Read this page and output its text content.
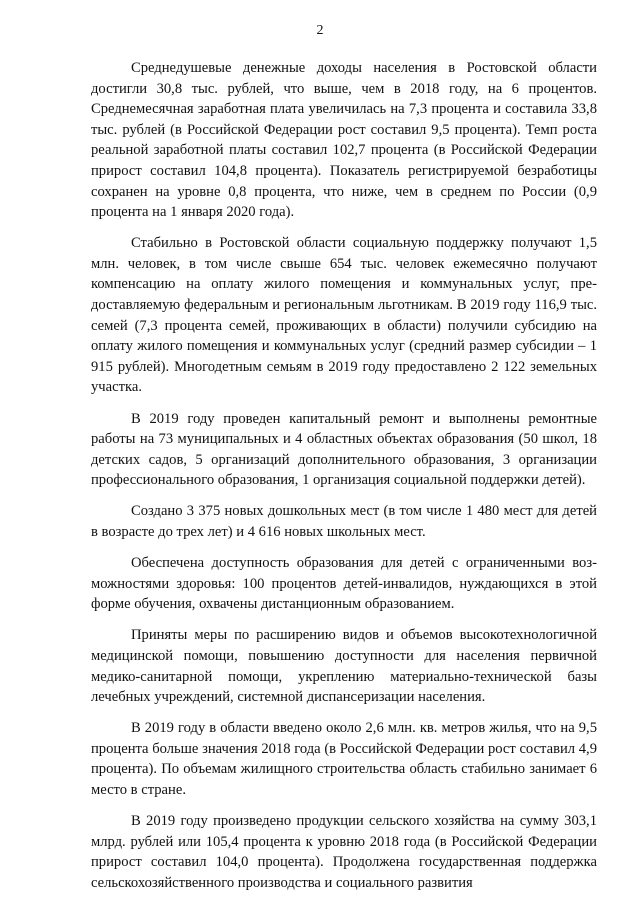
2

Среднедушевые денежные доходы населения в Ростовской области достигли 30,8 тыс. рублей, что выше, чем в 2018 году, на 6 процентов. Среднемесячная заработная плата увеличилась на 7,3 процента и составила 33,8 тыс. рублей (в Российской Федерации рост составил 9,5 процента). Темп роста реальной заработной платы составил 102,7 процента (в Российской Федерации прирост составил 104,8 процента). Показатель регистрируемой безработицы сохранен на уровне 0,8 процента, что ниже, чем в среднем по России (0,9 процента на 1 января 2020 года).

Стабильно в Ростовской области социальную поддержку получают 1,5 млн. человек, в том числе свыше 654 тыс. человек ежемесячно получают компенсацию на оплату жилого помещения и коммунальных услуг, предоставляемую федеральным и региональным льготникам. В 2019 году 116,9 тыс. семей (7,3 процента семей, проживающих в области) получили субсидию на оплату жилого помещения и коммунальных услуг (средний размер субсидии – 1 915 рублей). Многодетным семьям в 2019 году предоставлено 2 122 земельных участка.

В 2019 году проведен капитальный ремонт и выполнены ремонтные работы на 73 муниципальных и 4 областных объектах образования (50 школ, 18 детских садов, 5 организаций дополнительного образования, 3 организации профессионального образования, 1 организация социальной поддержки детей).

Создано 3 375 новых дошкольных мест (в том числе 1 480 мест для детей в возрасте до трех лет) и 4 616 новых школьных мест.

Обеспечена доступность образования для детей с ограниченными возможностями здоровья: 100 процентов детей-инвалидов, нуждающихся в этой форме обучения, охвачены дистанционным образованием.

Приняты меры по расширению видов и объемов высокотехнологичной медицинской помощи, повышению доступности для населения первичной медико-санитарной помощи, укреплению материально-технической базы лечебных учреждений, системной диспансеризации населения.

В 2019 году в области введено около 2,6 млн. кв. метров жилья, что на 9,5 процента больше значения 2018 года (в Российской Федерации рост составил 4,9 процента). По объемам жилищного строительства область стабильно занимает 6 место в стране.

В 2019 году произведено продукции сельского хозяйства на сумму 303,1 млрд. рублей или 105,4 процента к уровню 2018 года (в Российской Федерации прирост составил 104,0 процента). Продолжена государственная поддержка сельскохозяйственного производства и социального развития
